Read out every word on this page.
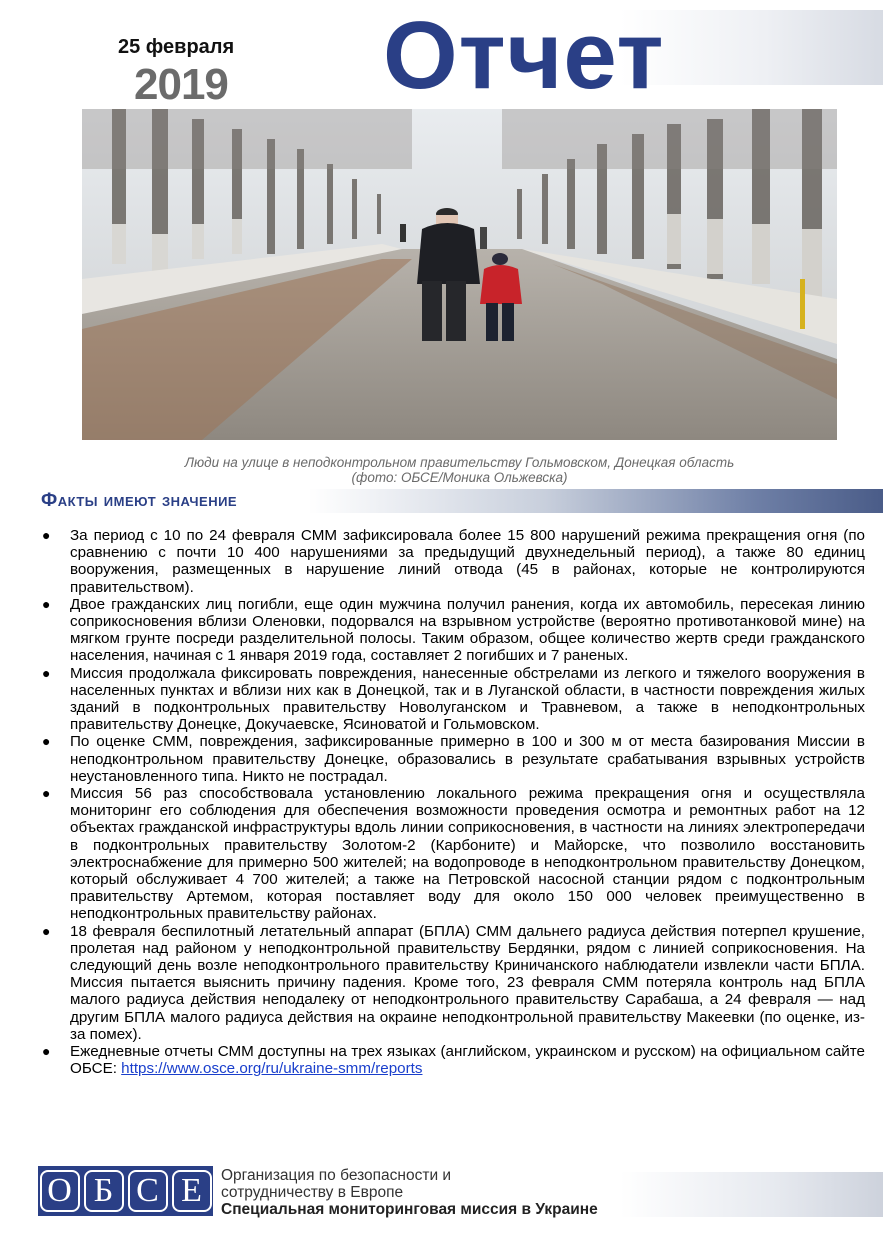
25 февраля
2019 Отчет
Люди на улице в неподконтрольном правительству Гольмовском, Донецкая область
(фото: ОБСЕ/Моника Ольжевска)
Факты имеют значение
● За период с 10 по 24 февраля СММ зафиксировала более 15 800 нарушений режима прекращения огня (по сравнению с почти 10 400 нарушениями за предыдущий двухнедельный период), а также 80 единиц вооружения, размещенных в нарушение линий отвода (45 в районах, которые не контролируются правительством).
● Двое гражданских лиц погибли, еще один мужчина получил ранения, когда их автомобиль, пересекая линию соприкосновения вблизи Оленовки, подорвался на взрывном устройстве (вероятно противотанковой мине) на мягком грунте посреди разделительной полосы. Таким образом, общее количество жертв среди гражданского населения, начиная с 1 января 2019 года, составляет 2 погибших и 7 раненых.
● Миссия продолжала фиксировать повреждения, нанесенные обстрелами из легкого и тяжелого вооружения в населенных пунктах и вблизи них как в Донецкой, так и в Луганской области, в частности повреждения жилых зданий в подконтрольных правительству Новолуганском и Травневом, а также в неподконтрольных правительству Донецке, Докучаевске, Ясиноватой и Гольмовском.
● По оценке СММ, повреждения, зафиксированные примерно в 100 и 300 м от места базирования Миссии в неподконтрольном правительству Донецке, образовались в результате срабатывания взрывных устройств неустановленного типа. Никто не пострадал.
● Миссия 56 раз способствовала установлению локального режима прекращения огня и осуществляла мониторинг его соблюдения для обеспечения возможности проведения осмотра и ремонтных работ на 12 объектах гражданской инфраструктуры вдоль линии соприкосновения, в частности на линиях электропередачи в подконтрольных правительству Золотом-2 (Карбоните) и Майорске, что позволило восстановить электроснабжение для примерно 500 жителей; на водопроводе в неподконтрольном правительству Донецком, который обслуживает 4 700 жителей; а также на Петровской насосной станции рядом с подконтрольным правительству Артемом, которая поставляет воду для около 150 000 человек преимущественно в неподконтрольных правительству районах.
● 18 февраля беспилотный летательный аппарат (БПЛА) СММ дальнего радиуса действия потерпел крушение, пролетая над районом у неподконтрольной правительству Бердянки, рядом с линией соприкосновения. На следующий день возле неподконтрольного правительству Криничанского наблюдатели извлекли части БПЛА. Миссия пытается выяснить причину падения. Кроме того, 23 февраля СММ потеряла контроль над БПЛА малого радиуса действия неподалеку от неподконтрольного правительству Сарабаша, а 24 февраля — над другим БПЛА малого радиуса действия на окраине неподконтрольной правительству Макеевки (по оценке, из-за помех).
● Ежедневные отчеты СММ доступны на трех языках (английском, украинском и русском) на официальном сайте ОБСЕ: https://www.osce.org/ru/ukraine-smm/reports
О Б С Е	Организация по безопасности и
сотрудничеству в Европе
Специальная мониторинговая миссия в Украине
